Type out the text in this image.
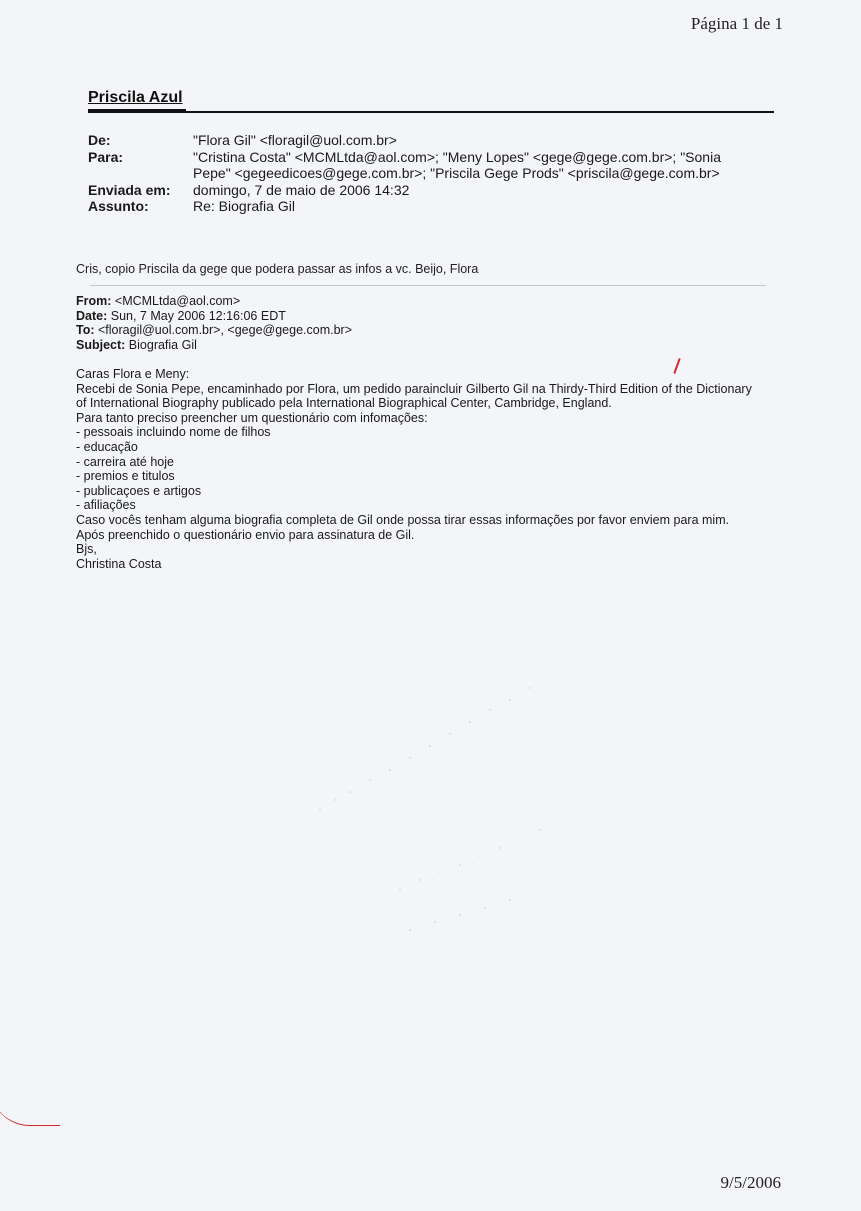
Página 1 de 1
Priscila Azul
De:	"Flora Gil" <floragil@uol.com.br>
Para:	"Cristina Costa" <MCMLtda@aol.com>; "Meny Lopes" <gege@gege.com.br>; "Sonia
Pepe" <gegeedicoes@gege.com.br>; "Priscila Gege Prods" <priscila@gege.com.br>

Enviada em:	domingo, 7 de maio de 2006 14:32
Assunto:	Re: Biografia Gil
Cris, copio Priscila da gege que podera passar as infos a vc. Beijo, Flora
From: <MCMLtda@aol.com>
Date: Sun, 7 May 2006 12:16:06 EDT
To: <floragil@uol.com.br>, <gege@gege.com.br>
Subject: Biografia Gil
Caras Flora e Meny:
Recebi de Sonia Pepe, encaminhado por Flora, um pedido paraincluir Gilberto Gil na Thirdy-Third Edition of the Dictionary
of International Biography publicado pela International Biographical Center, Cambridge, England.
Para tanto preciso preencher um questionário com infomações:
- pessoais incluindo nome de filhos
- educação
- carreira até hoje
- premios e titulos
- publicaçoes e artigos
- afiliações
Caso vocês tenham alguma biografia completa de Gil onde possa tirar essas informações por favor enviem para mim.
Após preenchido o questionário envio para assinatura de Gil.
Bjs,
Christina Costa
9/5/2006
